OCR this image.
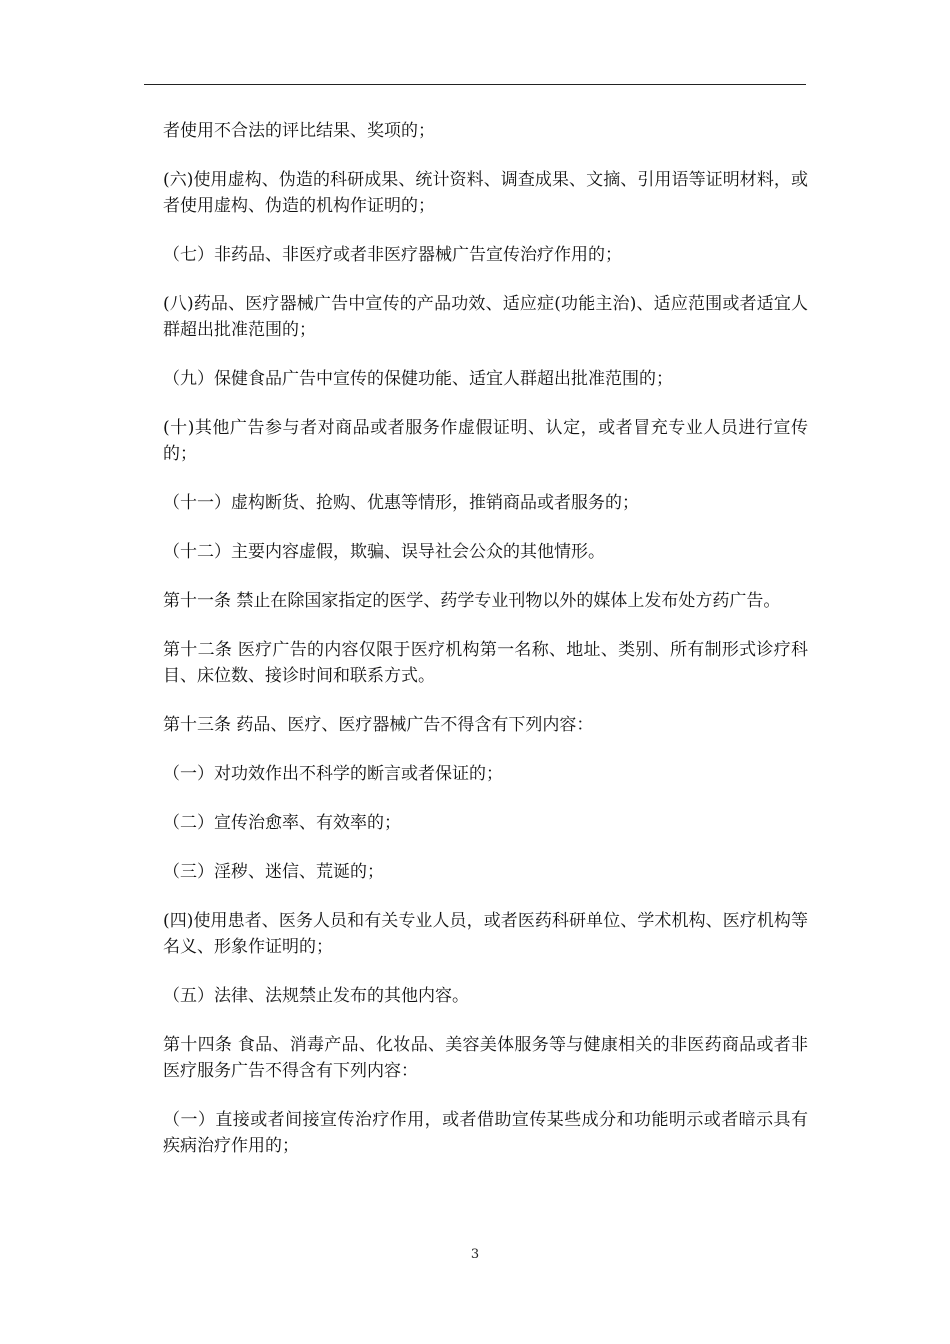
者使用不合法的评比结果、奖项的；

(六)使用虚构、伪造的科研成果、统计资料、调查成果、文摘、引用语等证明材料，或者使用虚构、伪造的机构作证明的；

（七）非药品、非医疗或者非医疗器械广告宣传治疗作用的；

(八)药品、医疗器械广告中宣传的产品功效、适应症(功能主治)、适应范围或者适宜人群超出批准范围的；

（九）保健食品广告中宣传的保健功能、适宜人群超出批准范围的；

(十)其他广告参与者对商品或者服务作虚假证明、认定，或者冒充专业人员进行宣传的；

（十一）虚构断货、抢购、优惠等情形，推销商品或者服务的；

（十二）主要内容虚假，欺骗、误导社会公众的其他情形。

第十一条 禁止在除国家指定的医学、药学专业刊物以外的媒体上发布处方药广告。

第十二条 医疗广告的内容仅限于医疗机构第一名称、地址、类别、所有制形式诊疗科目、床位数、接诊时间和联系方式。

第十三条 药品、医疗、医疗器械广告不得含有下列内容：

（一）对功效作出不科学的断言或者保证的；

（二）宣传治愈率、有效率的；

（三）淫秽、迷信、荒诞的；

(四)使用患者、医务人员和有关专业人员，或者医药科研单位、学术机构、医疗机构等名义、形象作证明的；

（五）法律、法规禁止发布的其他内容。

第十四条 食品、消毒产品、化妆品、美容美体服务等与健康相关的非医药商品或者非医疗服务广告不得含有下列内容：

（一）直接或者间接宣传治疗作用，或者借助宣传某些成分和功能明示或者暗示具有疾病治疗作用的；

3
